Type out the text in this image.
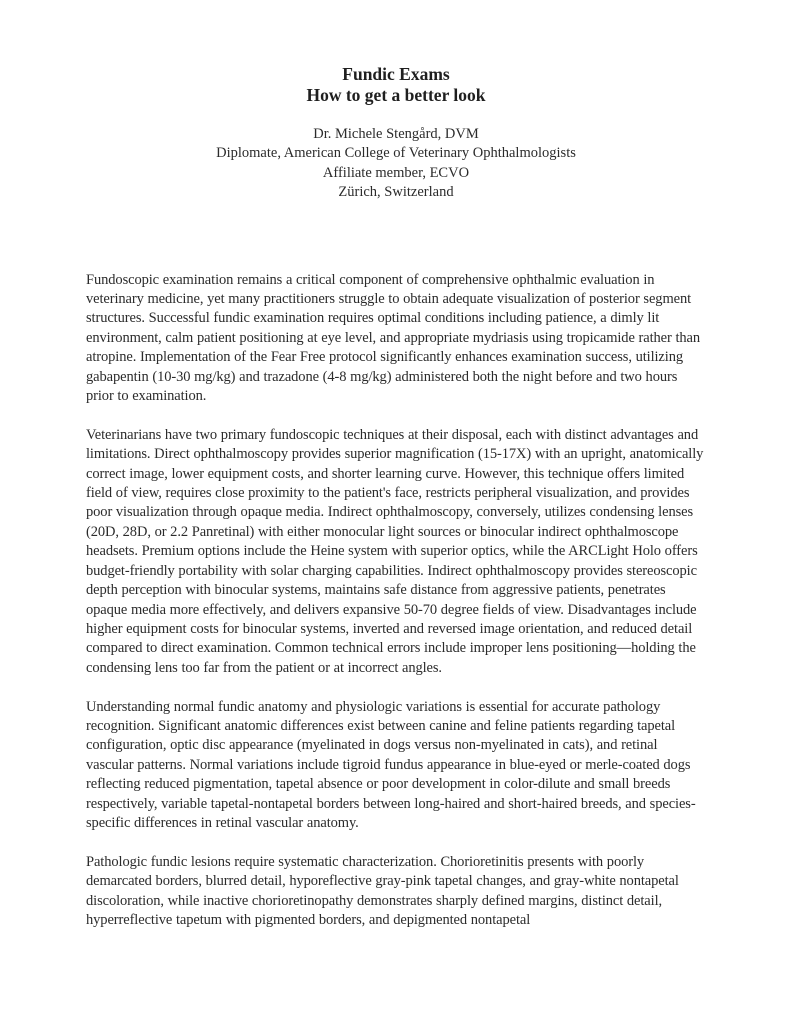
Fundic Exams
How to get a better look
Dr. Michele Stengård, DVM
Diplomate, American College of Veterinary Ophthalmologists
Affiliate member, ECVO
Zürich, Switzerland

Fundoscopic examination remains a critical component of comprehensive ophthalmic evaluation in veterinary medicine, yet many practitioners struggle to obtain adequate visualization of posterior segment structures. Successful fundic examination requires optimal conditions including patience, a dimly lit environment, calm patient positioning at eye level, and appropriate mydriasis using tropicamide rather than atropine. Implementation of the Fear Free protocol significantly enhances examination success, utilizing gabapentin (10-30 mg/kg) and trazadone (4-8 mg/kg) administered both the night before and two hours prior to examination.

Veterinarians have two primary fundoscopic techniques at their disposal, each with distinct advantages and limitations. Direct ophthalmoscopy provides superior magnification (15-17X) with an upright, anatomically correct image, lower equipment costs, and shorter learning curve. However, this technique offers limited field of view, requires close proximity to the patient's face, restricts peripheral visualization, and provides poor visualization through opaque media. Indirect ophthalmoscopy, conversely, utilizes condensing lenses (20D, 28D, or 2.2 Panretinal) with either monocular light sources or binocular indirect ophthalmoscope headsets. Premium options include the Heine system with superior optics, while the ARCLight Holo offers budget-friendly portability with solar charging capabilities. Indirect ophthalmoscopy provides stereoscopic depth perception with binocular systems, maintains safe distance from aggressive patients, penetrates opaque media more effectively, and delivers expansive 50-70 degree fields of view. Disadvantages include higher equipment costs for binocular systems, inverted and reversed image orientation, and reduced detail compared to direct examination. Common technical errors include improper lens positioning—holding the condensing lens too far from the patient or at incorrect angles.

Understanding normal fundic anatomy and physiologic variations is essential for accurate pathology recognition. Significant anatomic differences exist between canine and feline patients regarding tapetal configuration, optic disc appearance (myelinated in dogs versus non-myelinated in cats), and retinal vascular patterns. Normal variations include tigroid fundus appearance in blue-eyed or merle-coated dogs reflecting reduced pigmentation, tapetal absence or poor development in color-dilute and small breeds respectively, variable tapetal-nontapetal borders between long-haired and short-haired breeds, and species-specific differences in retinal vascular anatomy.

Pathologic fundic lesions require systematic characterization. Chorioretinitis presents with poorly demarcated borders, blurred detail, hyporeflective gray-pink tapetal changes, and gray-white nontapetal discoloration, while inactive chorioretinopathy demonstrates sharply defined margins, distinct detail, hyperreflective tapetum with pigmented borders, and depigmented nontapetal
